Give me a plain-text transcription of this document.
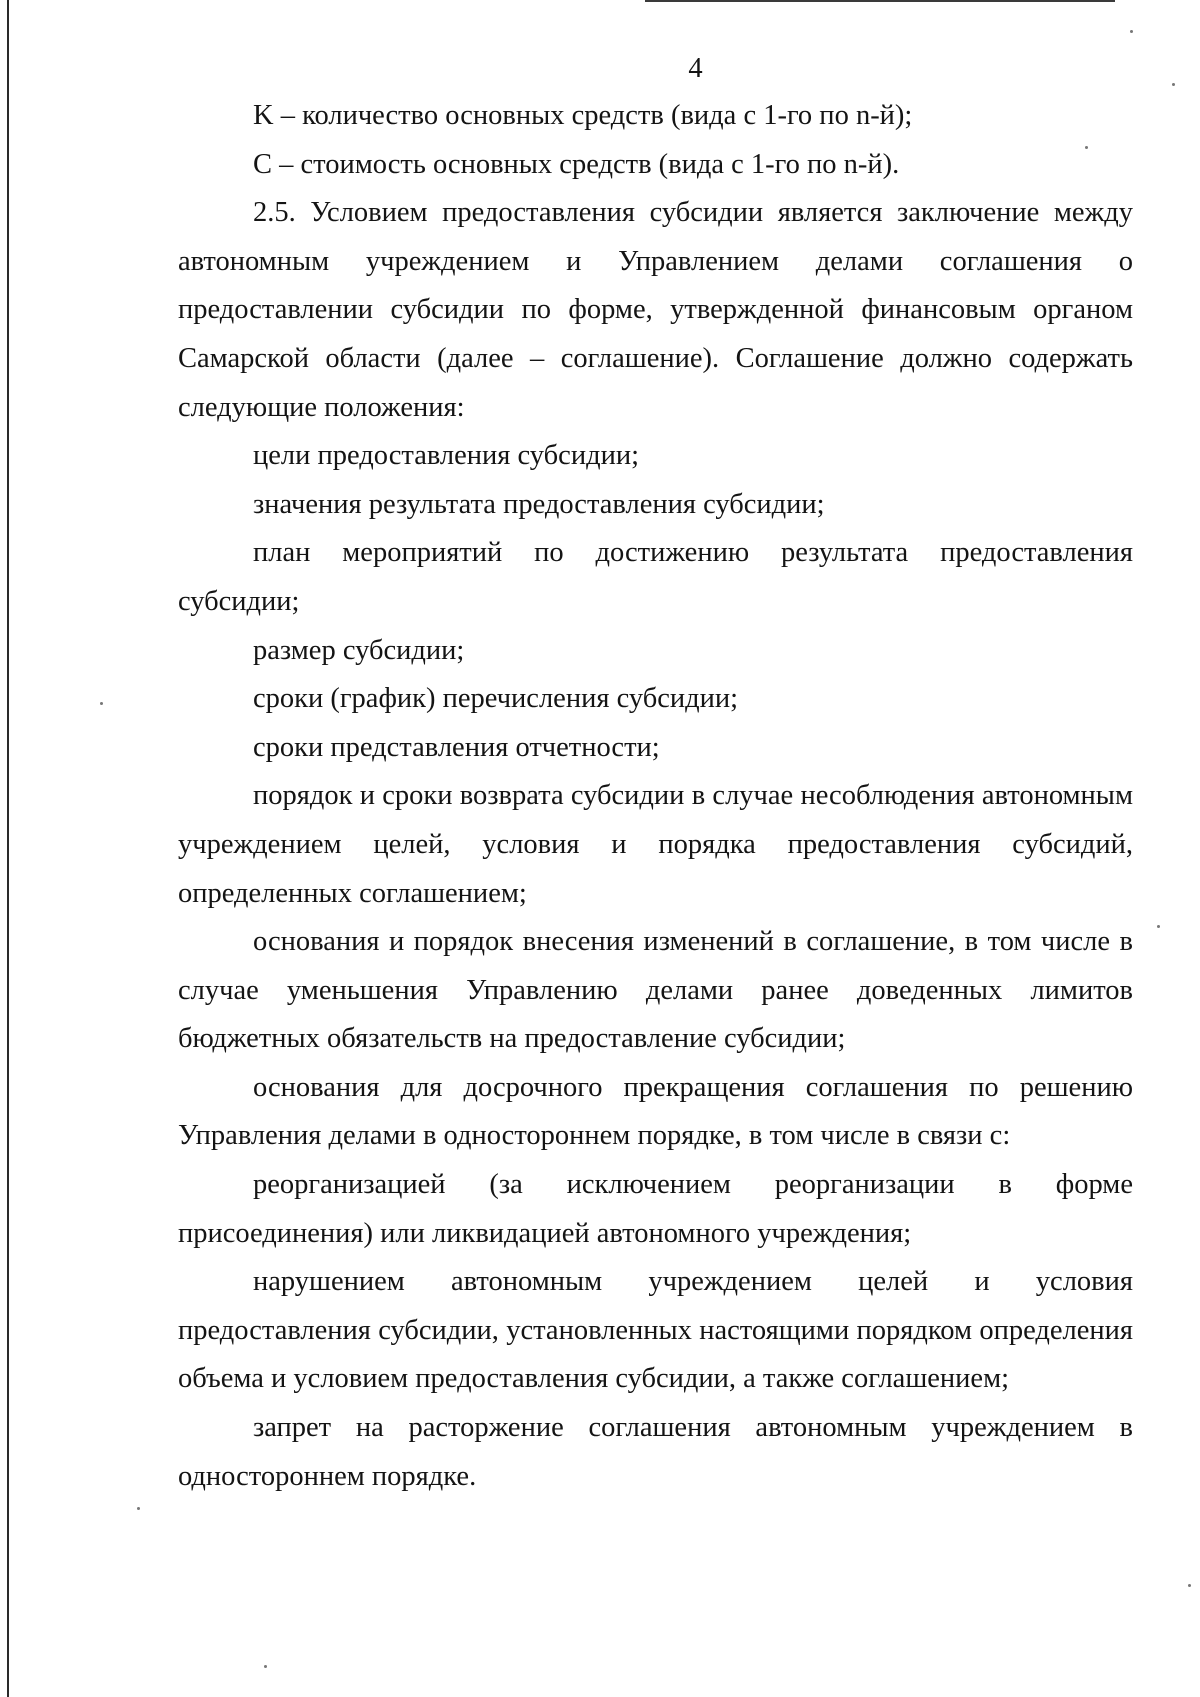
4

K – количество основных средств (вида с 1-го по n-й);

С – стоимость основных средств (вида с 1-го по n-й).

2.5. Условием предоставления субсидии является заключение между автономным учреждением и Управлением делами соглашения о предоставлении субсидии по форме, утвержденной финансовым органом Самарской области (далее – соглашение). Соглашение должно содержать следующие положения:

цели предоставления субсидии;

значения результата предоставления субсидии;

план мероприятий по достижению результата предоставления субсидии;

размер субсидии;

сроки (график) перечисления субсидии;

сроки представления отчетности;

порядок и сроки возврата субсидии в случае несоблюдения автономным учреждением целей, условия и порядка предоставления субсидий, определенных соглашением;

основания и порядок внесения изменений в соглашение, в том числе в случае уменьшения Управлению делами ранее доведенных лимитов бюджетных обязательств на предоставление субсидии;

основания для досрочного прекращения соглашения по решению Управления делами в одностороннем порядке, в том числе в связи с:

реорганизацией (за исключением реорганизации в форме присоединения) или ликвидацией автономного учреждения;

нарушением автономным учреждением целей и условия предоставления субсидии, установленных настоящими порядком определения объема и условием предоставления субсидии, а также соглашением;

запрет на расторжение соглашения автономным учреждением в одностороннем порядке.
